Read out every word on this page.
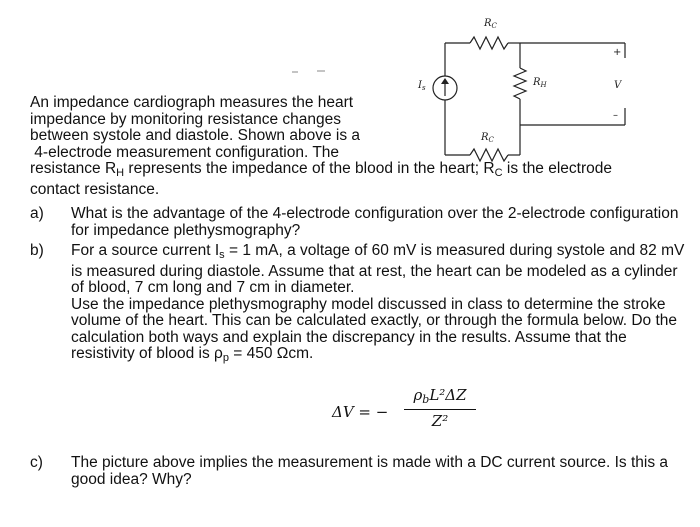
$R_C$
$R_C$
$R_H$
$I_s$	V
+
–
An impedance cardiograph measures the heart
impedance by monitoring resistance changes
between systole and diastole. Shown above is a
4-electrode measurement configuration. The
resistance $R_H$ represents the impedance of the blood in the heart; $R_C$ is the electrode
contact resistance.
a) What is the advantage of the 4-electrode configuration over the 2-electrode configuration for impedance plethysmography?

b) For a source current $I_s = 1$ mA, a voltage of 60 mV is measured during systole and 82 mV is measured during diastole. Assume that at rest, the heart can be modeled as a cylinder of blood, 7 cm long and 7 cm in diameter.

Use the impedance plethysmography model discussed in class to determine the stroke volume of the heart. This can be calculated exactly, or through the formula below. Do the calculation both ways and explain the discrepancy in the results. Assume that the resistivity of blood is $\rho_p = 450$ Ωcm.

ΔV = −
$\rho_bL^2\Delta Z$
Z²
c) The picture above implies the measurement is made with a DC current source. Is this a good idea? Why?
